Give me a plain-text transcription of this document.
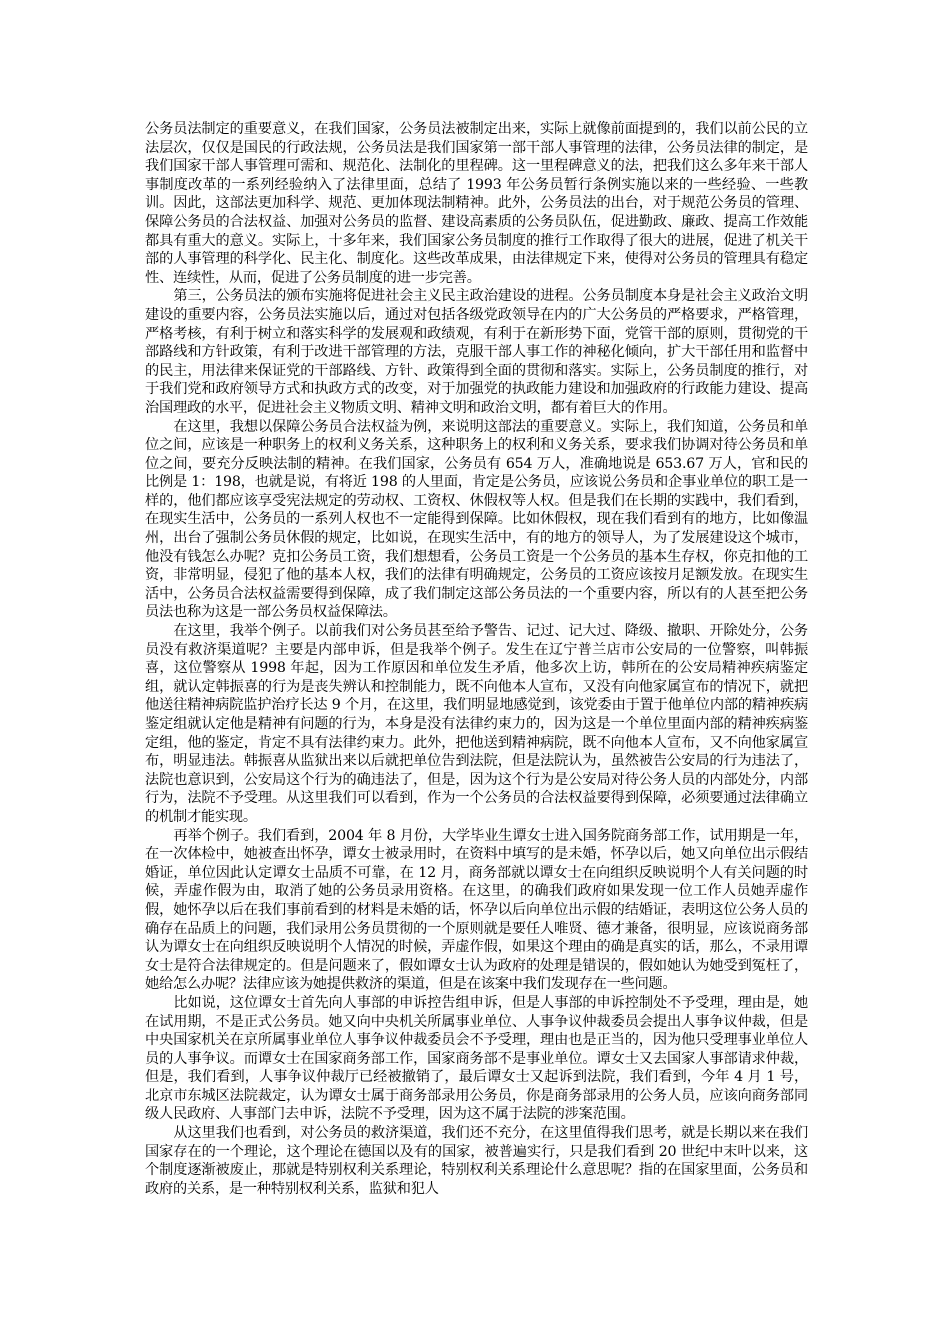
公务员法制定的重要意义，在我们国家，公务员法被制定出来，实际上就像前面提到的，我们以前公民的立法层次，仅仅是国民的行政法规，公务员法是我们国家第一部干部人事管理的法律，公务员法律的制定，是我们国家干部人事管理可需和、规范化、法制化的里程碑。这一里程碑意义的法，把我们这么多年来干部人事制度改革的一系列经验纳入了法律里面，总结了 1993 年公务员暂行条例实施以来的一些经验、一些教训。因此，这部法更加科学、规范、更加体现法制精神。此外，公务员法的出台，对于规范公务员的管理、保障公务员的合法权益、加强对公务员的监督、建设高素质的公务员队伍，促进勤政、廉政、提高工作效能都具有重大的意义。实际上，十多年来，我们国家公务员制度的推行工作取得了很大的进展，促进了机关干部的人事管理的科学化、民主化、制度化。这些改革成果，由法律规定下来，使得对公务员的管理具有稳定性、连续性，从而，促进了公务员制度的进一步完善。

第三，公务员法的颁布实施将促进社会主义民主政治建设的进程。公务员制度本身是社会主义政治文明建设的重要内容，公务员法实施以后，通过对包括各级党政领导在内的广大公务员的严格要求，严格管理，严格考核，有利于树立和落实科学的发展观和政绩观，有利于在新形势下面，党管干部的原则，贯彻党的干部路线和方针政策，有利于改进干部管理的方法，克服干部人事工作的神秘化倾向，扩大干部任用和监督中的民主，用法律来保证党的干部路线、方针、政策得到全面的贯彻和落实。实际上，公务员制度的推行，对于我们党和政府领导方式和执政方式的改变，对于加强党的执政能力建设和加强政府的行政能力建设、提高治国理政的水平，促进社会主义物质文明、精神文明和政治文明，都有着巨大的作用。

在这里，我想以保障公务员合法权益为例，来说明这部法的重要意义。实际上，我们知道，公务员和单位之间，应该是一种职务上的权利义务关系，这种职务上的权利和义务关系，要求我们协调对待公务员和单位之间，要充分反映法制的精神。在我们国家，公务员有 654 万人，准确地说是 653.67 万人，官和民的比例是 1：198，也就是说，有将近 198 的人里面，肯定是公务员，应该说公务员和企事业单位的职工是一样的，他们都应该享受宪法规定的劳动权、工资权、休假权等人权。但是我们在长期的实践中，我们看到，在现实生活中，公务员的一系列人权也不一定能得到保障。比如休假权，现在我们看到有的地方，比如像温州，出台了强制公务员休假的规定，比如说，在现实生活中，有的地方的领导人，为了发展建设这个城市，他没有钱怎么办呢？克扣公务员工资，我们想想看，公务员工资是一个公务员的基本生存权，你克扣他的工资，非常明显，侵犯了他的基本人权，我们的法律有明确规定，公务员的工资应该按月足额发放。在现实生活中，公务员合法权益需要得到保障，成了我们制定这部公务员法的一个重要内容，所以有的人甚至把公务员法也称为这是一部公务员权益保障法。

在这里，我举个例子。以前我们对公务员甚至给予警告、记过、记大过、降级、撤职、开除处分，公务员没有救济渠道呢？主要是内部申诉，但是我举个例子。发生在辽宁普兰店市公安局的一位警察，叫韩振喜，这位警察从 1998 年起，因为工作原因和单位发生矛盾，他多次上访，韩所在的公安局精神疾病鉴定组，就认定韩振喜的行为是丧失辨认和控制能力，既不向他本人宣布，又没有向他家属宣布的情况下，就把他送往精神病院监护治疗长达 9 个月，在这里，我们明显地感觉到，该党委由于置于他单位内部的精神疾病鉴定组就认定他是精神有问题的行为，本身是没有法律约束力的，因为这是一个单位里面内部的精神疾病鉴定组，他的鉴定，肯定不具有法律约束力。此外，把他送到精神病院，既不向他本人宣布，又不向他家属宣布，明显违法。韩振喜从监狱出来以后就把单位告到法院，但是法院认为，虽然被告公安局的行为违法了，法院也意识到，公安局这个行为的确违法了，但是，因为这个行为是公安局对待公务人员的内部处分，内部行为，法院不予受理。从这里我们可以看到，作为一个公务员的合法权益要得到保障，必须要通过法律确立的机制才能实现。

再举个例子。我们看到，2004 年 8 月份，大学毕业生谭女士进入国务院商务部工作，试用期是一年，在一次体检中，她被查出怀孕，谭女士被录用时，在资料中填写的是未婚，怀孕以后，她又向单位出示假结婚证，单位因此认定谭女士品质不可靠，在 12 月，商务部就以谭女士在向组织反映说明个人有关问题的时候，弄虚作假为由，取消了她的公务员录用资格。在这里，的确我们政府如果发现一位工作人员她弄虚作假，她怀孕以后在我们事前看到的材料是未婚的话，怀孕以后向单位出示假的结婚证，表明这位公务人员的确存在品质上的问题，我们录用公务员贯彻的一个原则就是要任人唯贤、德才兼备，很明显，应该说商务部认为谭女士在向组织反映说明个人情况的时候，弄虚作假，如果这个理由的确是真实的话，那么，不录用谭女士是符合法律规定的。但是问题来了，假如谭女士认为政府的处理是错误的，假如她认为她受到冤枉了，她给怎么办呢？法律应该为她提供救济的渠道，但是在该案中我们发现存在一些问题。

比如说，这位谭女士首先向人事部的申诉控告组申诉，但是人事部的申诉控制处不予受理，理由是，她在试用期，不是正式公务员。她又向中央机关所属事业单位、人事争议仲裁委员会提出人事争议仲裁，但是中央国家机关在京所属事业单位人事争议仲裁委员会不予受理，理由也是正当的，因为他只受理事业单位人员的人事争议。而谭女士在国家商务部工作，国家商务部不是事业单位。谭女士又去国家人事部请求仲裁，但是，我们看到，人事争议仲裁厅已经被撤销了，最后谭女士又起诉到法院，我们看到，今年 4 月 1 号，北京市东城区法院裁定，认为谭女士属于商务部录用公务员，你是商务部录用的公务人员，应该向商务部同级人民政府、人事部门去申诉，法院不予受理，因为这不属于法院的涉案范围。

从这里我们也看到，对公务员的救济渠道，我们还不充分，在这里值得我们思考，就是长期以来在我们国家存在的一个理论，这个理论在德国以及有的国家，被普遍实行，只是我们看到 20 世纪中末叶以来，这个制度逐渐被废止，那就是特别权利关系理论，特别权利关系理论什么意思呢？指的在国家里面，公务员和政府的关系，是一种特别权利关系，监狱和犯人
